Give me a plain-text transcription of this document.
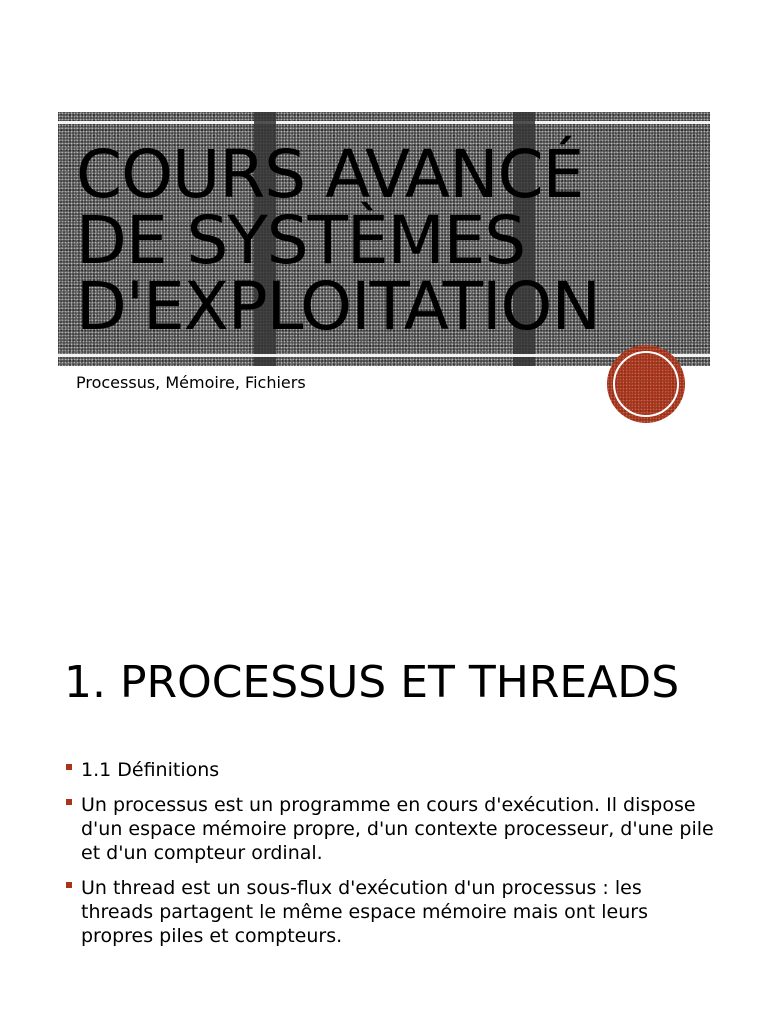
COURS AVANCÉ
DE SYSTÈMES
D'EXPLOITATION
Processus, Mémoire, Fichiers
1. PROCESSUS ET THREADS
1.1 Définitions
Un processus est un programme en cours d'exécution. Il dispose d'un espace mémoire propre, d'un contexte processeur, d'une pile et d'un compteur ordinal.
Un thread est un sous-flux d'exécution d'un processus : les threads partagent le même espace mémoire mais ont leurs propres piles et compteurs.
